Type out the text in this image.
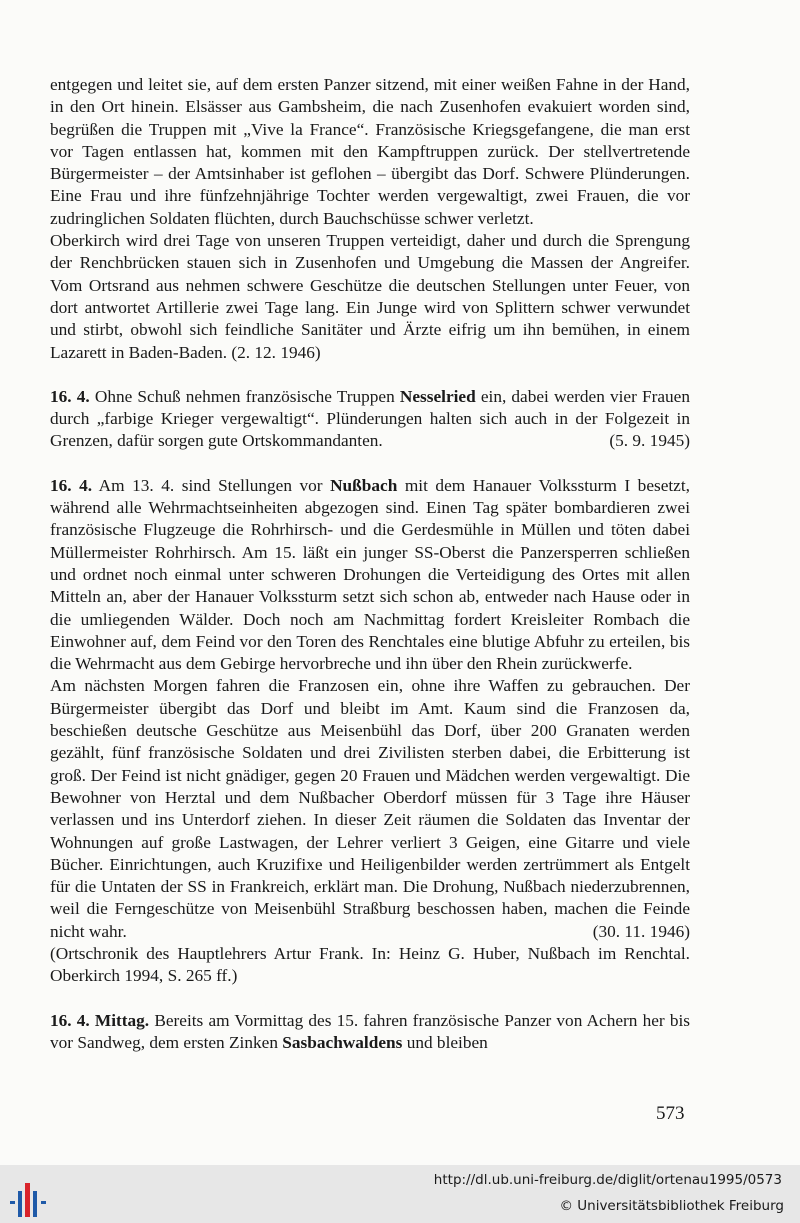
entgegen und leitet sie, auf dem ersten Panzer sitzend, mit einer weißen Fahne in der Hand, in den Ort hinein. Elsässer aus Gambsheim, die nach Zusenhofen evakuiert worden sind, begrüßen die Truppen mit „Vive la France“. Französische Kriegsgefangene, die man erst vor Tagen entlassen hat, kommen mit den Kampftruppen zurück. Der stellvertretende Bürgermeister – der Amtsinhaber ist geflohen – übergibt das Dorf. Schwere Plünderungen. Eine Frau und ihre fünfzehnjährige Tochter werden vergewaltigt, zwei Frauen, die vor zudringlichen Soldaten flüchten, durch Bauchschüsse schwer verletzt.

Oberkirch wird drei Tage von unseren Truppen verteidigt, daher und durch die Sprengung der Renchbrücken stauen sich in Zusenhofen und Umgebung die Massen der Angreifer. Vom Ortsrand aus nehmen schwere Geschütze die deutschen Stellungen unter Feuer, von dort antwortet Artillerie zwei Tage lang. Ein Junge wird von Splittern schwer verwundet und stirbt, obwohl sich feindliche Sanitäter und Ärzte eifrig um ihn bemühen, in einem Lazarett in Baden-Baden. (2. 12. 1946)

16. 4. Ohne Schuß nehmen französische Truppen Nesselried ein, dabei werden vier Frauen durch „farbige Krieger vergewaltigt“. Plünderungen halten sich auch in der Folgezeit in Grenzen, dafür sorgen gute Ortskommandanten.	(5. 9. 1945)

16. 4. Am 13. 4. sind Stellungen vor Nußbach mit dem Hanauer Volkssturm I besetzt, während alle Wehrmachtseinheiten abgezogen sind. Einen Tag später bombardieren zwei französische Flugzeuge die Rohrhirsch- und die Gerdesmühle in Müllen und töten dabei Müllermeister Rohrhirsch. Am 15. läßt ein junger SS-Oberst die Panzersperren schließen und ordnet noch einmal unter schweren Drohungen die Verteidigung des Ortes mit allen Mitteln an, aber der Hanauer Volkssturm setzt sich schon ab, entweder nach Hause oder in die umliegenden Wälder. Doch noch am Nachmittag fordert Kreisleiter Rombach die Einwohner auf, dem Feind vor den Toren des Renchtales eine blutige Abfuhr zu erteilen, bis die Wehrmacht aus dem Gebirge hervorbreche und ihn über den Rhein zurückwerfe.

Am nächsten Morgen fahren die Franzosen ein, ohne ihre Waffen zu gebrauchen. Der Bürgermeister übergibt das Dorf und bleibt im Amt. Kaum sind die Franzosen da, beschießen deutsche Geschütze aus Meisenbühl das Dorf, über 200 Granaten werden gezählt, fünf französische Soldaten und drei Zivilisten sterben dabei, die Erbitterung ist groß. Der Feind ist nicht gnädiger, gegen 20 Frauen und Mädchen werden vergewaltigt. Die Bewohner von Herztal und dem Nußbacher Oberdorf müssen für 3 Tage ihre Häuser verlassen und ins Unterdorf ziehen. In dieser Zeit räumen die Soldaten das Inventar der Wohnungen auf große Lastwagen, der Lehrer verliert 3 Geigen, eine Gitarre und viele Bücher. Einrichtungen, auch Kruzifixe und Heiligenbilder werden zertrümmert als Entgelt für die Untaten der SS in Frankreich, erklärt man. Die Drohung, Nußbach niederzubrennen, weil die Ferngeschütze von Meisenbühl Straßburg beschossen haben, machen die Feinde nicht wahr.	(30. 11. 1946)

(Ortschronik des Hauptlehrers Artur Frank. In: Heinz G. Huber, Nußbach im Renchtal. Oberkirch 1994, S. 265 ff.)

16. 4. Mittag. Bereits am Vormittag des 15. fahren französische Panzer von Achern her bis vor Sandweg, dem ersten Zinken Sasbachwaldens und bleiben

573
http://dl.ub.uni-freiburg.de/diglit/ortenau1995/0573
© Universitätsbibliothek Freiburg
